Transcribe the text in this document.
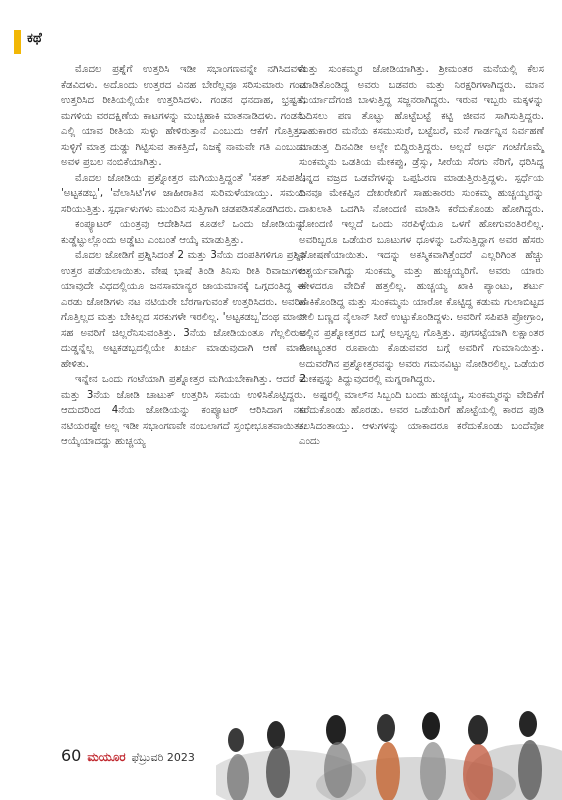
ಕಥೆ

ಮೊದಲ ಪ್ರಶ್ನೆಗೆ ಉತ್ತರಿಸಿ ಇಡೀ ಸಭಾಂಗಣವನ್ನೇ ನಗಿಸಿದವಳೇ ಕೆಡವಿದಳು. ಅದೊಂದು ಉತ್ತರದ ವಿನಹ ಬೇರೆಲ್ಲವೂ ಸರಿಸುಮಾರು ಗಂಡ ಉತ್ತರಿಸಿದ ರೀತಿಯಲ್ಲಿಯೇ ಉತ್ತರಿಸಿದಳು. ಗಂಡನ ಧನದಾಹ, ಭ್ರಷ್ಟತೆ, ಮಗಳಿಯ ವರದಕ್ಷಿಣೆಯ ಕಾಟಗಳನ್ನು ಮುಚ್ಚಿಹಾಕಿ ಮಾತನಾಡಿದಳು. ಗಂಡನು ಎಲ್ಲಿ ಯಾವ ರೀತಿಯ ಸುಳ್ಳು ಹೇಳಿರುತ್ತಾನೆ ಎಂಬುದು ಆಕೆಗೆ ಗೊತ್ತಿತ್ತು. ಸುಳ್ಳಿಗೆ ಮಾತ್ರ ದುಡ್ಡು ಗಿಟ್ಟಿಸುವ ತಾಕತ್ತಿದೆ, ನಿಜಕ್ಕೆ ನಾಮವೇ ಗತಿ ಎಂಬುದು ಅವಳ ಪ್ರಬಲ ನಂಬಿಕೆಯಾಗಿತ್ತು.

ಮೊದಲ ಜೋಡಿಯ ಪ್ರಶ್ನೋತ್ತರ ಮಗಿಯುತ್ತಿದ್ದಂತೆ 'ಸಕತ್ ಸಪಿಪತಿ', 'ಅಟ್ಟಕಡಬ್ಬ', 'ವೆಲಾಸಿಟಿ'ಗಳ ಜಾಹೀರಾತಿನ ಸುರಿಮಳೆಯಾಯ್ತು. ಸಮಯ ಸರಿಯುತ್ತಿತ್ತು. ಸ್ಪರ್ಧಾಳುಗಳು ಮುಂದಿನ ಸುತ್ತಿಗಾಗಿ ಚಡಪಡಿಸತೊಡಗಿದರು.

ಕಂಪ್ಯೂಟರ್ ಯಂತ್ರವು ಆದೇಶಿಸಿದ ಕೂಡಲೆ ಒಂದು ಜೋಡಿಯನ್ನು ಕುಡ್ಡೆಟ್ಟುಲ್ಲೊಂದು ಅಡ್ಡೆಟು ಎಂಬಂತೆ ಆಯ್ಕೆ ಮಾಡುತ್ತಿತ್ತು.

ಮೊದಲ ಜೋಡಿಗೆ ಪ್ರಶ್ನಿಸಿದಂತೆ 2 ಮತ್ತು 3ನೆಯ ದಂಪತಿಗಳಿಗೂ ಪ್ರಶ್ನಿಸಿ ಉತ್ತರ ಪಡೆಯಲಾಯಿತು. ವೇಷ ಭಾಷೆ ತಿಂಡಿ ತಿನಿಸು ರೀತಿ ರಿವಾಜುಗಳು ಯಾವುದೇ ವಿಧದಲ್ಲಿಯೂ ಜನಸಾಮಾನ್ಯರ ಜಾಯಮಾನಕ್ಕೆ ಒಗ್ಗದಂತಿದ್ದ ಈ ಎರಡು ಜೋಡಿಗಳು ನಟ ನಟಿಯರೇ ಬೆರಗಾಗುವಂತೆ ಉತ್ತರಿಸಿದರು. ಅವರಿಗೆ ಗೊತ್ತಿಲ್ಲದ ಮತ್ತು ಬೇಕಿಲ್ಲದ ಸರಕುಗಳೇ ಇರಲಿಲ್ಲ. 'ಅಟ್ಟಕಡಬ್ಬ'ದಂಥ ಮಾಲ್ ಸಹ ಅವರಿಗೆ ಚಿಲ್ಲರೆನಿಸುವಂತಿತ್ತು. 3ನೆಯ ಜೋಡಿಯಂತೂ ಗೆಲ್ಲಲಿರುವ ದುಡ್ಡನ್ನೆಲ್ಲ ಅಟ್ಟಕಡಬ್ಬದಲ್ಲಿಯೇ ಖರ್ಚು ಮಾಡುವುದಾಗಿ ಆಣೆ ಮಾಡಿ ಹೇಳಿತು.

ಇನ್ನೇನ ಒಂದು ಗಂಟೆಯಾಗಿ ಪ್ರಶ್ನೋತ್ತರ ಮಗಿಯಬೇಕಾಗಿತ್ತು. ಆದರೆ 2 ಮತ್ತು 3ನೆಯ ಜೋಡಿ ಚಾಟುಕ್ ಉತ್ತರಿಸಿ ಸಮಯ ಉಳಿಸಿಕೊಟ್ಟಿದ್ದರು. ಆದುದರಿಂದ 4ನೆಯ ಜೋಡಿಯನ್ನು ಕಂಪ್ಯೂಟರ್ ಆರಿಸಿದಾಗ ನಟ ನಟಿಯರಷ್ಟೇ ಅಲ್ಲ ಇಡೀ ಸಭಾಂಗಣವೇ ನಂಬಲಾಗದೆ ಸ್ತಂಭೀಭೂತವಾಯಿತು. ಆಯ್ಕೆಯಾದದ್ದು ಹುಚ್ಚಯ್ಯ

ಮತ್ತು ಸುಂಕಮ್ಮರ ಜೋಡಿಯಾಗಿತ್ತು. ಶ್ರೀಮಂತರ ಮನೆಯಲ್ಲಿ ಕೆಲಸ ಮಾಡಿಕೊಂಡಿದ್ದ ಅವರು ಬಡವರು ಮತ್ತು ನಿರಕ್ಷರಿಗಳಾಗಿದ್ದರು. ಮಾನ ಮರ್ಯಾದೆಗಂಜಿ ಬಾಳುತ್ತಿದ್ದ ಸಜ್ಜನರಾಗಿದ್ದರು. ಇರುವ ಇಬ್ಬರು ಮಕ್ಕಳನ್ನು ಓದಿಸಲು ಪಣ ತೊಟ್ಟು ಹೊಟ್ಟೆಬಟ್ಟೆ ಕಟ್ಟಿ ಜೀವನ ಸಾಗಿಸುತ್ತಿದ್ದರು. ಸಾಹುಕಾರರ ಮನೆಯ ಕಸಮುಸುರೆ, ಬಟ್ಟೆಬರೆ, ಮನೆ ಗಾರ್ಡನ್ನಿನ ನಿರ್ವಹಣೆ ಮಾಡುತ್ತ ದಿನವಿಡೀ ಅಲ್ಲೇ ಬಿದ್ದಿರುತ್ತಿದ್ದರು. ಅಲ್ಲದೆ ಅರ್ಧ ಗಂಟೆಗೊಮ್ಮೆ ಸುಂಕಮ್ಮನು ಒಡತಿಯ ಮೇಕಪ್ಪು, ಡ್ರೆಸ್ಸು, ಸೀರೆಯ ಸೆರಗು ನೆರಿಗೆ, ಧರಿಸಿದ್ದ ಚಿನ್ನದ ವಜ್ರದ ಒಡವೆಗಳನ್ನು ಒಪ್ಪಓರಣ ಮಾಡುತ್ತಿರುತ್ತಿದ್ದಳು. ಸ್ಪರ್ಧೆಯ ದಿನವೂ ಮೇಕಪ್ಪಿನ ದೇಖರೇಖಿಗೆ ಸಾಹುಕಾರರು ಸುಂಕಮ್ಮ ಹುಚ್ಚಯ್ಯರನ್ನು ದಾಖಲಾತಿ ಒದಗಿಸಿ ನೋಂದಣಿ ಮಾಡಿಸಿ ಕರೆದುಕೊಂಡು ಹೋಗಿದ್ದರು. ನೋಂದಣಿ ಇಲ್ಲದೆ ಒಂದು ನರಪಿಳ್ಳೆಯೂ ಒಳಗೆ ಹೋಗುವಂತಿರಲಿಲ್ಲ. ಅವರಿಬ್ಬರೂ ಒಡೆಯರ ಬೂಟುಗಳ ಧೂಳನ್ನು ಒರೆಸುತ್ತಿದ್ದಾಗ ಅವರ ಹೆಸರು ಘೋಷಣೆಯಾಯಿತು. ಇದನ್ನು ಅಕಸ್ಮಿಕವಾಗಿತ್ತೆಂದರೆ ಎಲ್ಲರಿಗಿಂತ ಹೆಚ್ಚು ಆಶ್ಚರ್ಯವಾಗಿದ್ದು ಸುಂಕಮ್ಮ ಮತ್ತು ಹುಚ್ಚಯ್ಯರಿಗೆ. ಅವರು ಯಾರು ಹೇಳದರೂ ವೇದಿಕೆ ಹತ್ತಲಿಲ್ಲ. ಹುಚ್ಚಯ್ಯ ಖಾಕಿ ಪ್ಯಾಂಟು, ಶರ್ಟು ಹಾಕಿಕೊಂಡಿದ್ದ ಮತ್ತು ಸುಂಕಮ್ಮನು ಯಾರೋ ಕೊಟ್ಟಿದ್ದ ಕಡುಮ ಗುಲಾಬಿಟ್ಟದ ನೀಲಿ ಬಣ್ಣದ ನೈಲಾನ್ ಸೀರೆ ಉಟ್ಟುಕೊಂಡಿದ್ದಳು. ಅವರಿಗೆ ಸಪಿಪತಿ ಪ್ರೋಗ್ರಾಂ, ಅಲ್ಲಿನ ಪ್ರಶ್ನೋತ್ತರದ ಬಗ್ಗೆ ಅಲ್ಪಸ್ವಲ್ಪ ಗೊತ್ತಿತ್ತು. ಪುಗಸಟ್ಟೆಯಾಗಿ ಲಕ್ಷಾಂತರ ಕೋಟ್ಯಂತರ ರೂಪಾಯಿ ಕೊಡುವವರ ಬಗ್ಗೆ ಅವರಿಗೆ ಗುಮಾನಿಯಿತ್ತು. ಅದುವರೆಗಿನ ಪ್ರಶ್ನೋತ್ತರವನ್ನು ಅವರು ಗಮನವಿಟ್ಟು ನೋಡಿರಲಿಲ್ಲ. ಒಡೆಯರ ಮೇಕಪ್ಪನ್ನು ತಿದ್ದುವುದರಲ್ಲಿ ಮಗ್ನರಾಗಿದ್ದರು.

ಅಷ್ಟರಲ್ಲಿ ಮಾಲ್‌ನ ಸಿಬ್ಬಂದಿ ಬಂದು ಹುಚ್ಚಯ್ಯ, ಸುಂಕಮ್ಮರನ್ನು ವೇದಿಕೆಗೆ ಕರೆದುಕೊಂಡು ಹೊರಡು. ಅವರ ಒಡೆಯರಿಗೆ ಹೊಟ್ಟೆಯಲ್ಲಿ ಕಾರದ ಪುಡಿ ಕಲಸಿದಂತಾಯ್ತು. ಆಳುಗಳನ್ನು ಯಾಕಾದರೂ ಕರೆದುಕೊಂಡು ಬಂದೆವೋ ಎಂದು

60 ಮಯೂರ ಫೆಬ್ರುವರಿ 2023
